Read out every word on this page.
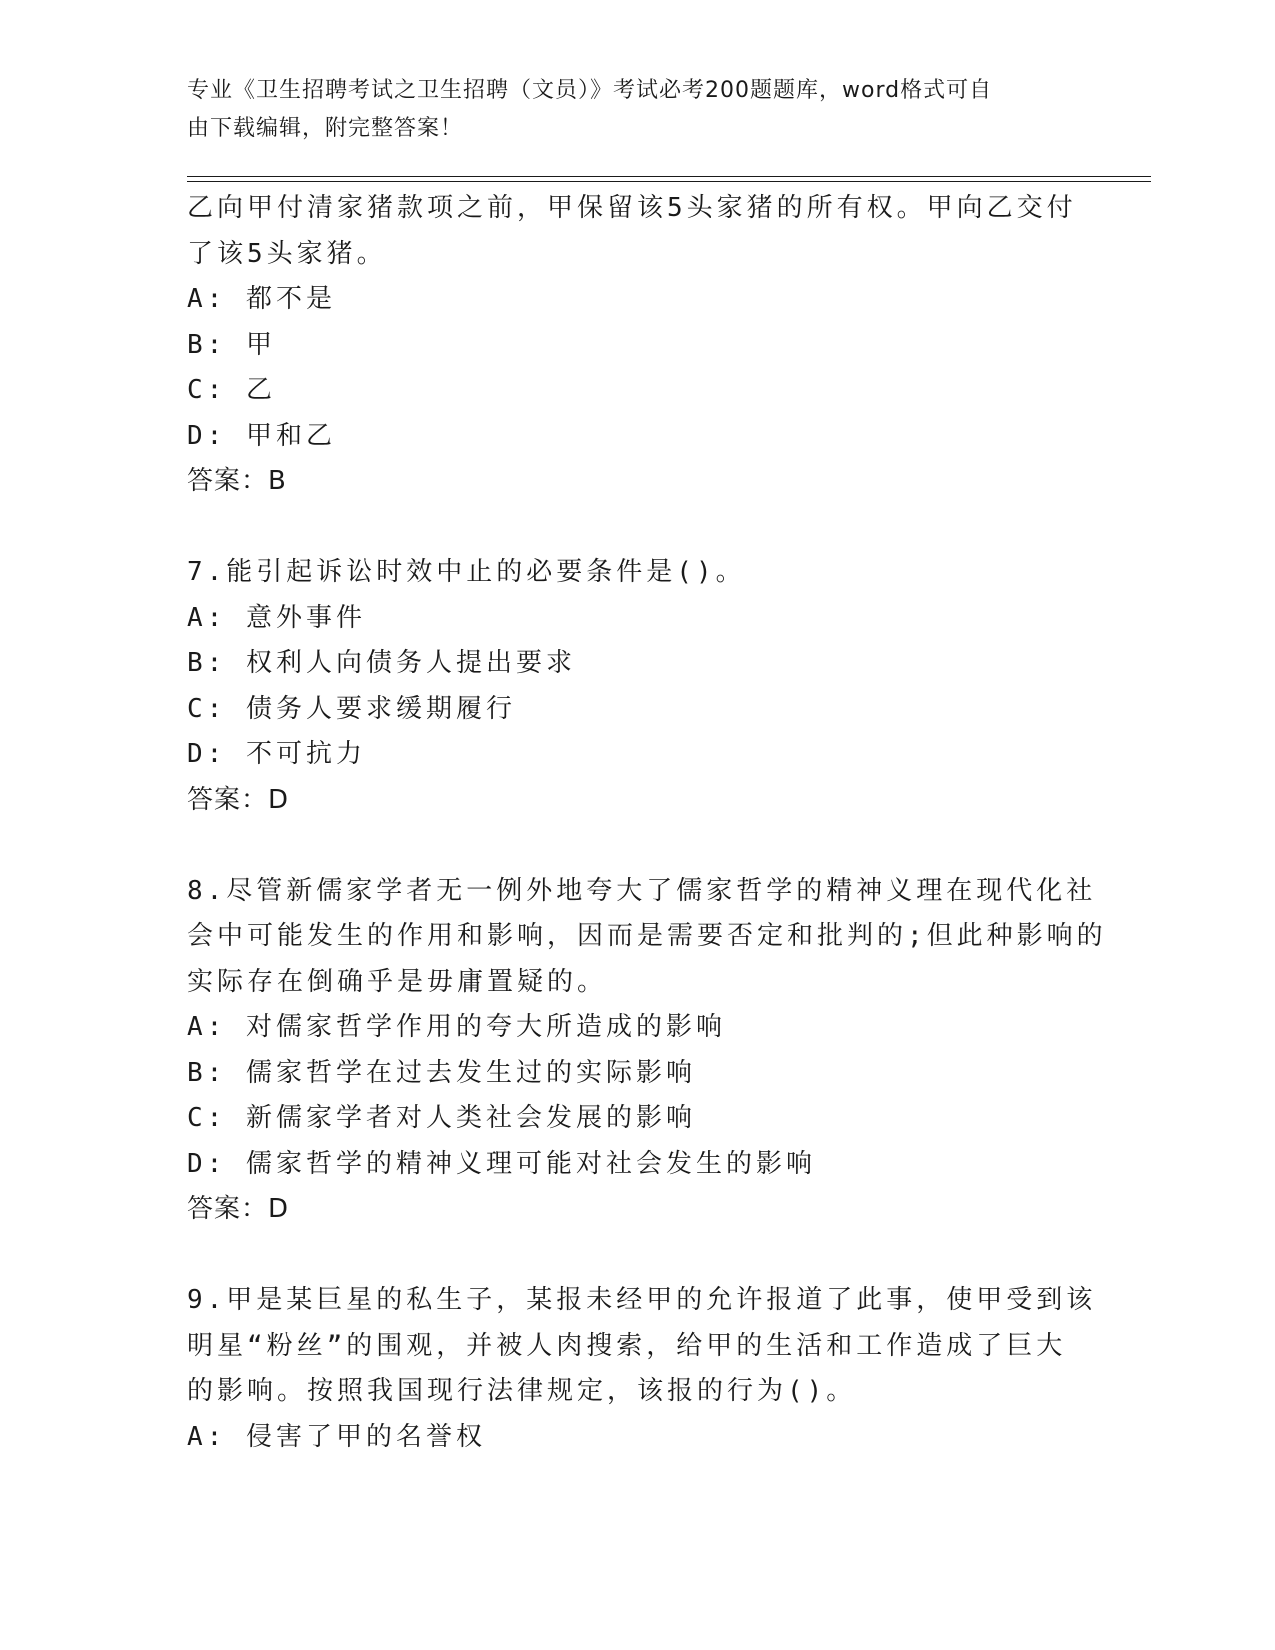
专业《卫生招聘考试之卫生招聘（文员）》考试必考200题题库，word格式可自
由下载编辑，附完整答案！
乙向甲付清家猪款项之前，甲保留该5头家猪的所有权。甲向乙交付
了该5头家猪。
A: 都不是
B: 甲
C: 乙
D: 甲和乙
答案：B
7.能引起诉讼时效中止的必要条件是()。
A: 意外事件
B: 权利人向债务人提出要求
C: 债务人要求缓期履行
D: 不可抗力
答案：D
8.尽管新儒家学者无一例外地夸大了儒家哲学的精神义理在现代化社
会中可能发生的作用和影响，因而是需要否定和批判的;但此种影响的
实际存在倒确乎是毋庸置疑的。
A: 对儒家哲学作用的夸大所造成的影响
B: 儒家哲学在过去发生过的实际影响
C: 新儒家学者对人类社会发展的影响
D: 儒家哲学的精神义理可能对社会发生的影响
答案：D
9.甲是某巨星的私生子，某报未经甲的允许报道了此事，使甲受到该
明星“粉丝”的围观，并被人肉搜索，给甲的生活和工作造成了巨大
的影响。按照我国现行法律规定，该报的行为()。
A: 侵害了甲的名誉权
